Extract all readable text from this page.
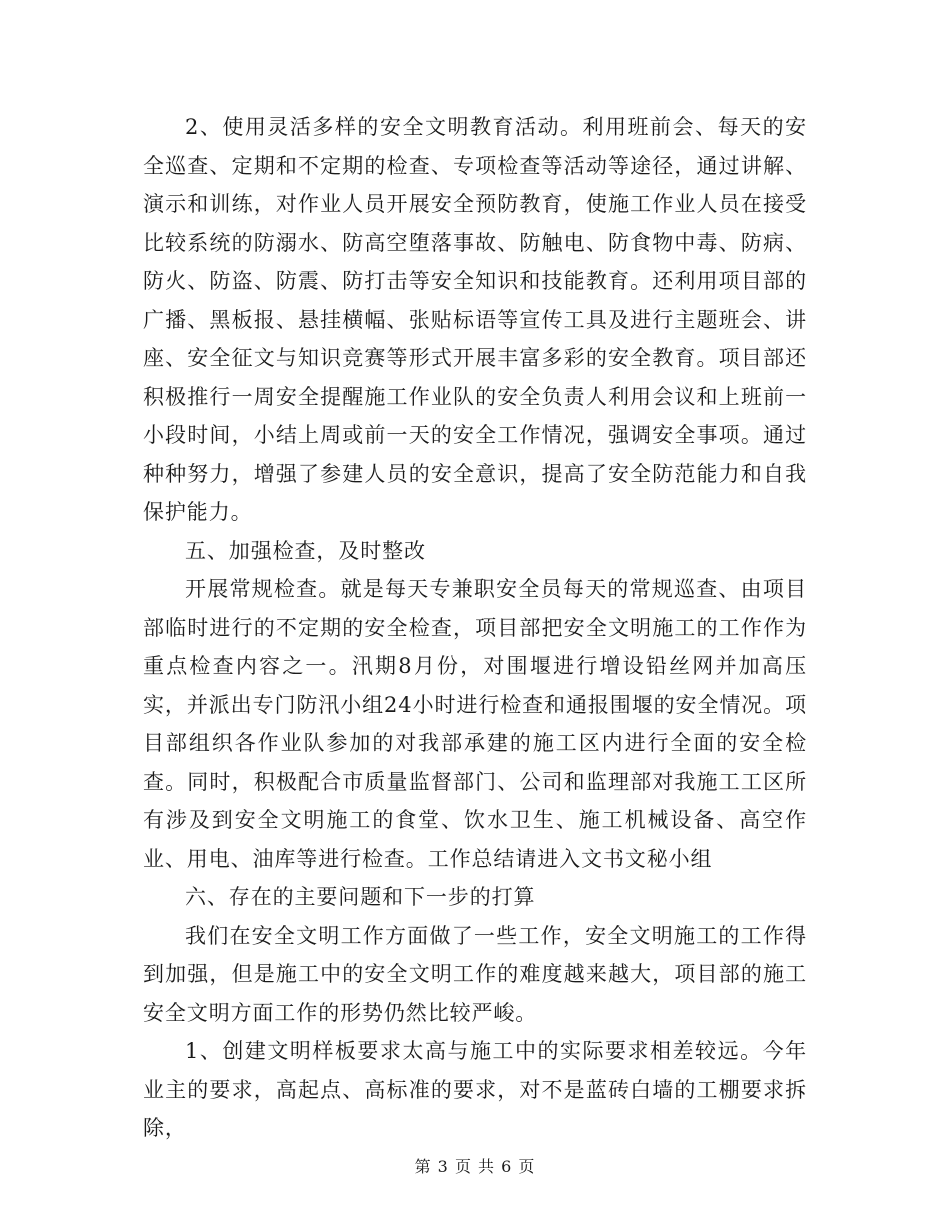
2、使用灵活多样的安全文明教育活动。利用班前会、每天的安全巡查、定期和不定期的检查、专项检查等活动等途径，通过讲解、演示和训练，对作业人员开展安全预防教育，使施工作业人员在接受比较系统的防溺水、防高空堕落事故、防触电、防食物中毒、防病、防火、防盗、防震、防打击等安全知识和技能教育。还利用项目部的广播、黑板报、悬挂横幅、张贴标语等宣传工具及进行主题班会、讲座、安全征文与知识竞赛等形式开展丰富多彩的安全教育。项目部还积极推行一周安全提醒施工作业队的安全负责人利用会议和上班前一小段时间，小结上周或前一天的安全工作情况，强调安全事项。通过种种努力，增强了参建人员的安全意识，提高了安全防范能力和自我保护能力。

五、加强检查，及时整改

开展常规检查。就是每天专兼职安全员每天的常规巡查、由项目部临时进行的不定期的安全检查，项目部把安全文明施工的工作作为重点检查内容之一。汛期8月份，对围堰进行增设铅丝网并加高压实，并派出专门防汛小组24小时进行检查和通报围堰的安全情况。项目部组织各作业队参加的对我部承建的施工区内进行全面的安全检查。同时，积极配合市质量监督部门、公司和监理部对我施工工区所有涉及到安全文明施工的食堂、饮水卫生、施工机械设备、高空作业、用电、油库等进行检查。工作总结请进入文书文秘小组

六、存在的主要问题和下一步的打算

我们在安全文明工作方面做了一些工作，安全文明施工的工作得到加强，但是施工中的安全文明工作的难度越来越大，项目部的施工安全文明方面工作的形势仍然比较严峻。

1、创建文明样板要求太高与施工中的实际要求相差较远。今年业主的要求，高起点、高标准的要求，对不是蓝砖白墙的工棚要求拆除，

第 3 页 共 6 页
